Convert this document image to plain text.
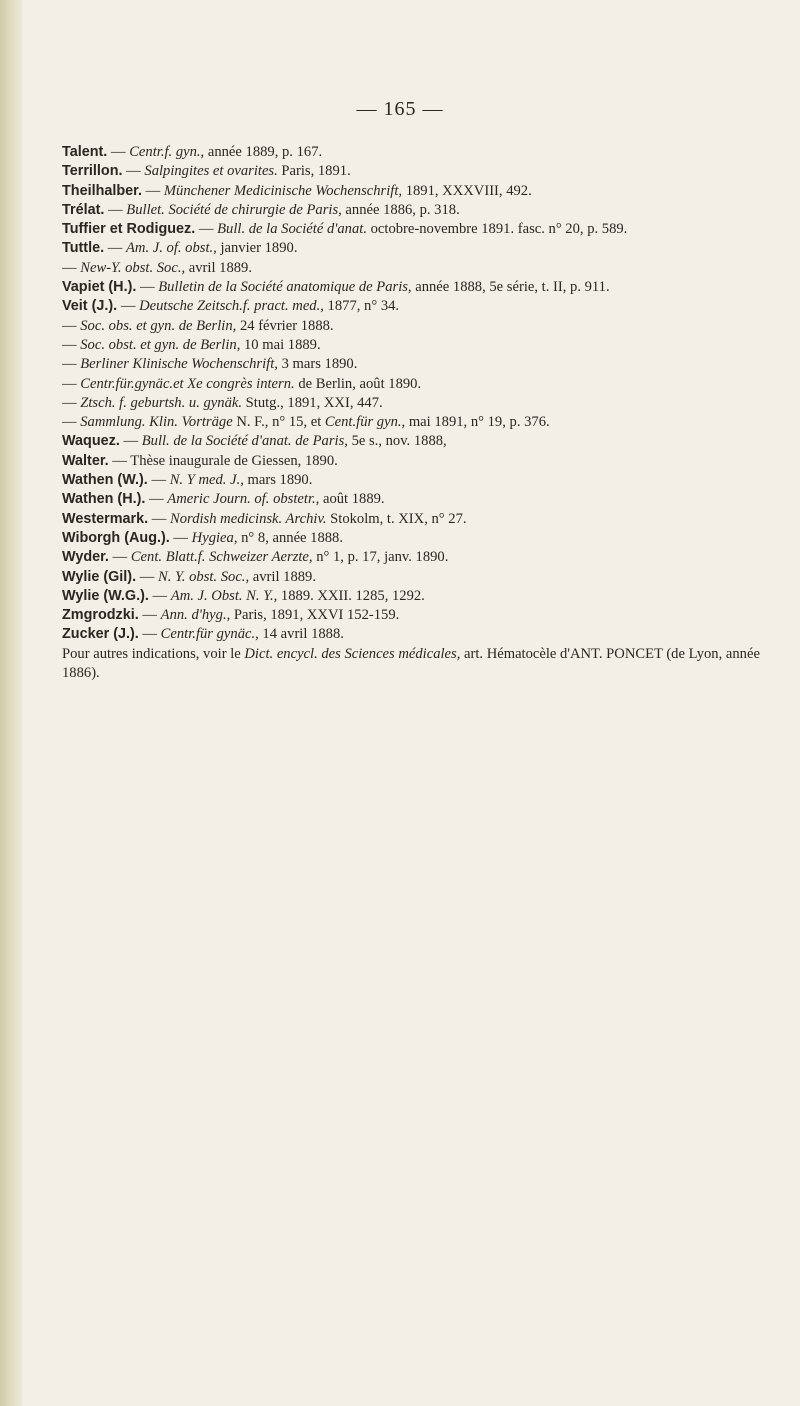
— 165 —

Talent. — Centr.f. gyn., année 1889, p. 167.

Terrillon. — Salpingites et ovarites. Paris, 1891.

Theilhalber. — Münchener Medicinische Wochenschrift, 1891, XXXVIII, 492.

Trélat. — Bullet. Société de chirurgie de Paris, année 1886, p. 318.

Tuffier et Rodiguez. — Bull. de la Société d'anat. octobre-novembre 1891. fasc. n° 20, p. 589.

Tuttle. — Am. J. of. obst., janvier 1890.

— New-Y. obst. Soc., avril 1889.

Vapiet (H.). — Bulletin de la Société anatomique de Paris, année 1888, 5e série, t. II, p. 911.

Veit (J.). — Deutsche Zeitsch.f. pract. med., 1877, n° 34.

— Soc. obs. et gyn. de Berlin, 24 février 1888.

— Soc. obst. et gyn. de Berlin, 10 mai 1889.

— Berliner Klinische Wochenschrift, 3 mars 1890.

— Centr.für.gynäc.et Xe congrès intern. de Berlin, août 1890.

— Ztsch. f. geburtsh. u. gynäk. Stutg., 1891, XXI, 447.

— Sammlung. Klin. Vorträge N. F., n° 15, et Cent.für gyn., mai 1891, n° 19, p. 376.

Waquez. — Bull. de la Société d'anat. de Paris, 5e s., nov. 1888,

Walter. — Thèse inaugurale de Giessen, 1890.

Wathen (W.). — N. Y med. J., mars 1890.

Wathen (H.). — Americ Journ. of. obstetr., août 1889.

Westermark. — Nordish medicinsk. Archiv. Stokolm, t. XIX, n° 27.

Wiborgh (Aug.). — Hygiea, n° 8, année 1888.

Wyder. — Cent. Blatt.f. Schweizer Aerzte, n° 1, p. 17, janv. 1890.

Wylie (Gil). — N. Y. obst. Soc., avril 1889.

Wylie (W.G.). — Am. J. Obst. N. Y., 1889. XXII. 1285, 1292.

Zmgrodzki. — Ann. d'hyg., Paris, 1891, XXVI 152-159.

Zucker (J.). — Centr.für gynäc., 14 avril 1888.

Pour autres indications, voir le Dict. encycl. des Sciences médicales, art. Hématocèle d'ANT. PONCET (de Lyon, année 1886).
